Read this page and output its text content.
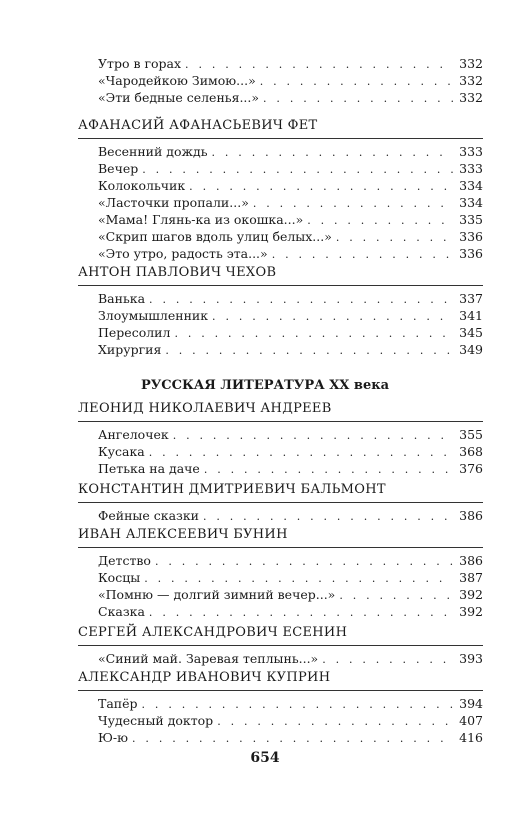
Утро в горах . . .	332
«Чародейкою Зимою...» . . .	332
«Эти бедные селенья...» . . .	332
АФАНАСИЙ АФАНАСЬЕВИЧ ФЕТ
Весенний дождь . . .	333
Вечер . . .	333
Колокольчик . . .	334
«Ласточки пропали...» . . .	334
«Мама! Глянь-ка из окошка...» . . .	335
«Скрип шагов вдоль улиц белых...» . . .	336
«Это утро, радость эта...» . . .	336
АНТОН ПАВЛОВИЧ ЧЕХОВ
Ванька . . .	337
Злоумышленник . . .	341
Пересолил . . .	345
Хирургия . . .	349
РУССКАЯ ЛИТЕРАТУРА XX века
ЛЕОНИД НИКОЛАЕВИЧ АНДРЕЕВ
Ангелочек . . .	355
Кусака . . .	368
Петька на даче . . .	376
КОНСТАНТИН ДМИТРИЕВИЧ БАЛЬМОНТ
Фейные сказки . . .	386
ИВАН АЛЕКСЕЕВИЧ БУНИН
Детство . . .	386
Косцы . . .	387
«Помню — долгий зимний вечер...» . . .	392
Сказка . . .	392
СЕРГЕЙ АЛЕКСАНДРОВИЧ ЕСЕНИН
«Синий май. Заревая теплынь...» . . .	393
АЛЕКСАНДР ИВАНОВИЧ КУПРИН
Тапёр . . .	394
Чудесный доктор . . .	407
Ю-ю . . .	416
654
